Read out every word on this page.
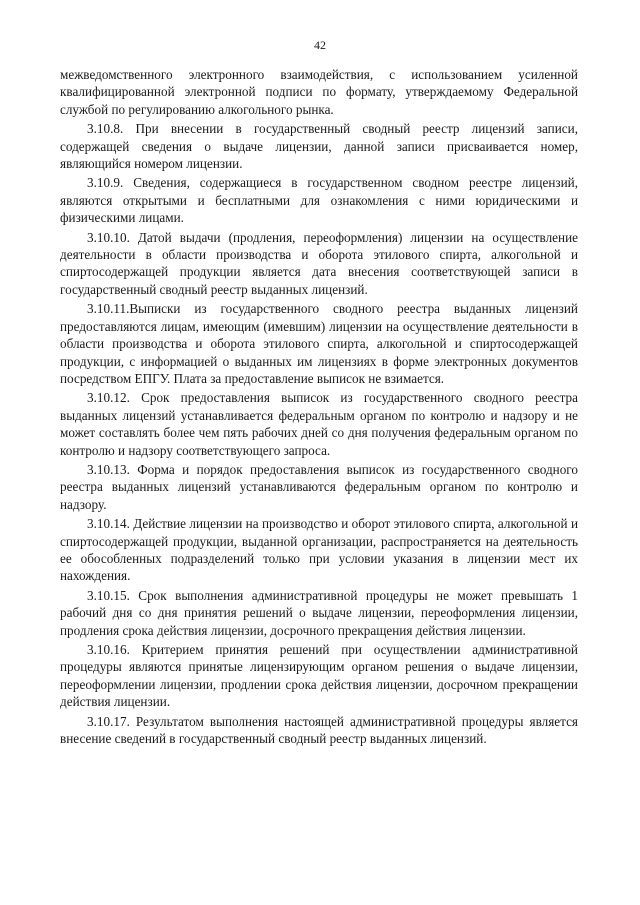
42

межведомственного электронного взаимодействия, с использованием усиленной квалифицированной электронной подписи по формату, утверждаемому Федеральной службой по регулированию алкогольного рынка.

3.10.8. При внесении в государственный сводный реестр лицензий записи, содержащей сведения о выдаче лицензии, данной записи присваивается номер, являющийся номером лицензии.

3.10.9. Сведения, содержащиеся в государственном сводном реестре лицензий, являются открытыми и бесплатными для ознакомления с ними юридическими и физическими лицами.

3.10.10. Датой выдачи (продления, переоформления) лицензии на осуществление деятельности в области производства и оборота этилового спирта, алкогольной и спиртосодержащей продукции является дата внесения соответствующей записи в государственный сводный реестр выданных лицензий.

3.10.11.Выписки из государственного сводного реестра выданных лицензий предоставляются лицам, имеющим (имевшим) лицензии на осуществление деятельности в области производства и оборота этилового спирта, алкогольной и спиртосодержащей продукции, с информацией о выданных им лицензиях в форме электронных документов посредством ЕПГУ. Плата за предоставление выписок не взимается.

3.10.12. Срок предоставления выписок из государственного сводного реестра выданных лицензий устанавливается федеральным органом по контролю и надзору и не может составлять более чем пять рабочих дней со дня получения федеральным органом по контролю и надзору соответствующего запроса.

3.10.13. Форма и порядок предоставления выписок из государственного сводного реестра выданных лицензий устанавливаются федеральным органом по контролю и надзору.

3.10.14. Действие лицензии на производство и оборот этилового спирта, алкогольной и спиртосодержащей продукции, выданной организации, распространяется на деятельность ее обособленных подразделений только при условии указания в лицензии мест их нахождения.

3.10.15. Срок выполнения административной процедуры не может превышать 1 рабочий дня со дня принятия решений о выдаче лицензии, переоформления лицензии, продления срока действия лицензии, досрочного прекращения действия лицензии.

3.10.16. Критерием принятия решений при осуществлении административной процедуры являются принятые лицензирующим органом решения о выдаче лицензии, переоформлении лицензии, продлении срока действия лицензии, досрочном прекращении действия лицензии.

3.10.17. Результатом выполнения настоящей административной процедуры является внесение сведений в государственный сводный реестр выданных лицензий.
